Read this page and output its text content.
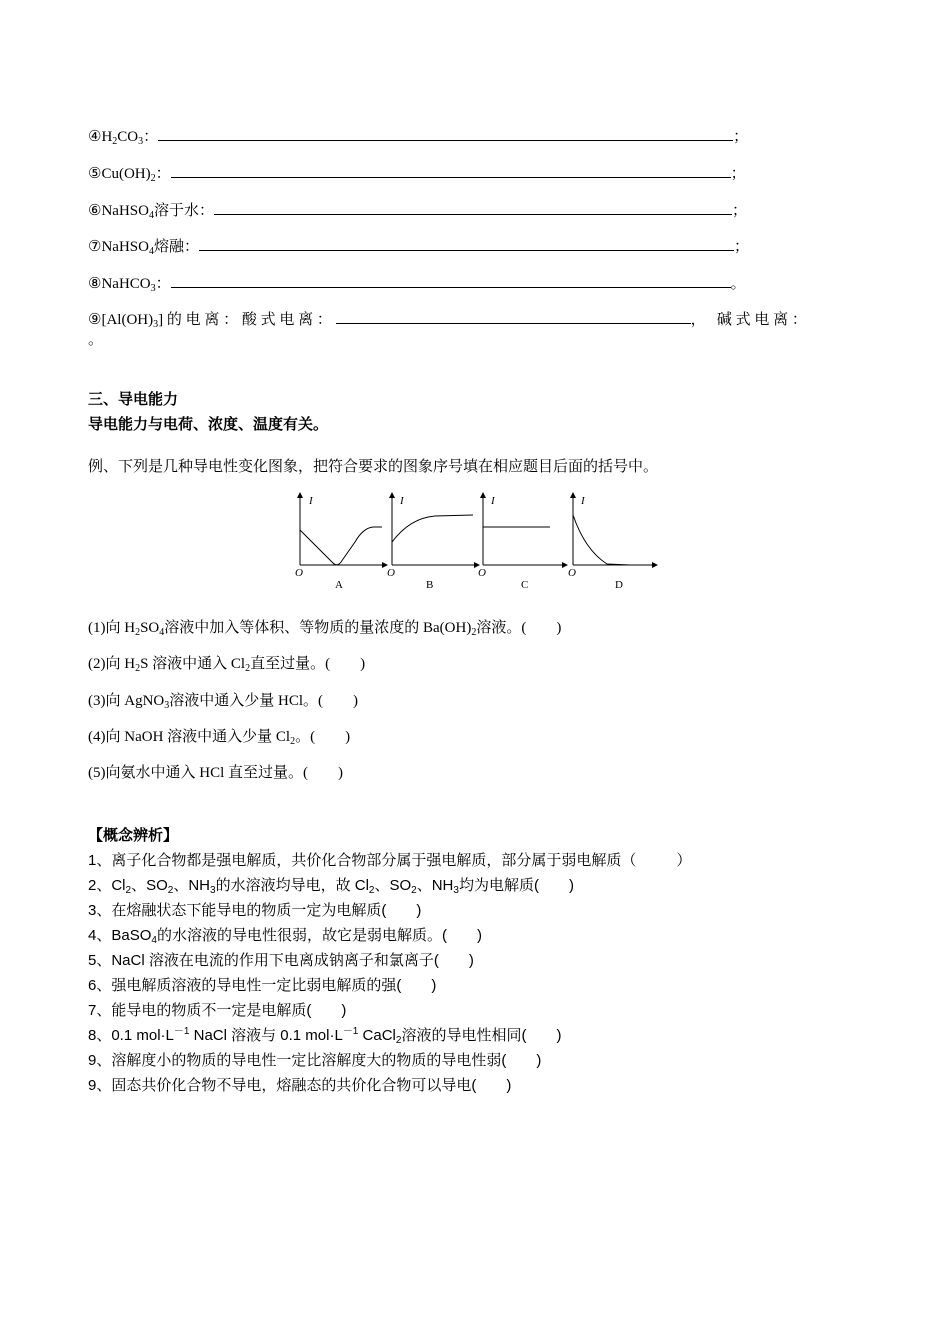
$④H_2CO_3$：	；
$⑤Cu(OH)_2$：	；
⑥NaHSO$_4$溶于水：	；
⑦NaHSO$_4$熔融：	；
⑧NaHCO$_3$：	。
$⑨[Al(OH)_3]$ 的 电 离 ： 酸 式 电 离 ：	， 碱 式 电 离 ：
。
三、导电能力
导电能力与电荷、浓度、温度有关。
例、下列是几种导电性变化图象，把符合要求的图象序号填在相应题目后面的括号中。
I
O
A
I
O
B
I
O
C
I
O
D
(1)向 $H_2SO_4$溶液中加入等体积、等物质的量浓度的 $Ba(OH)_2$溶液。( )
(2)向 $H_2S$ 溶液中通入 $Cl_2$直至过量。( )
(3)向 AgNO$_3$溶液中通入少量 HCl。( )
(4)向 NaOH 溶液中通入少量 $Cl_2$。( )
(5)向氨水中通入 HCl 直至过量。( )
【概念辨析】
1、离子化合物都是强电解质，共价化合物部分属于强电解质，部分属于弱电解质（	）
2、$Cl_2$、$SO_2$、$NH_3$的水溶液均导电，故 $Cl_2$、$SO_2$、$NH_3$均为电解质( )
3、在熔融状态下能导电的物质一定为电解质( )
4、BaSO$_4$的水溶液的导电性很弱，故它是弱电解质。( )
5、NaCl 溶液在电流的作用下电离成钠离子和氯离子( )
6、强电解质溶液的导电性一定比弱电解质的强( )
7、能导电的物质不一定是电解质( )
8、0.1 $mol\cdot L^{-1}$ NaCl 溶液与 0.1 $mol\cdot L^{-1}$ CaCl$_2$溶液的导电性相同( )
9、溶解度小的物质的导电性一定比溶解度大的物质的导电性弱( )
9、固态共价化合物不导电，熔融态的共价化合物可以导电( )
